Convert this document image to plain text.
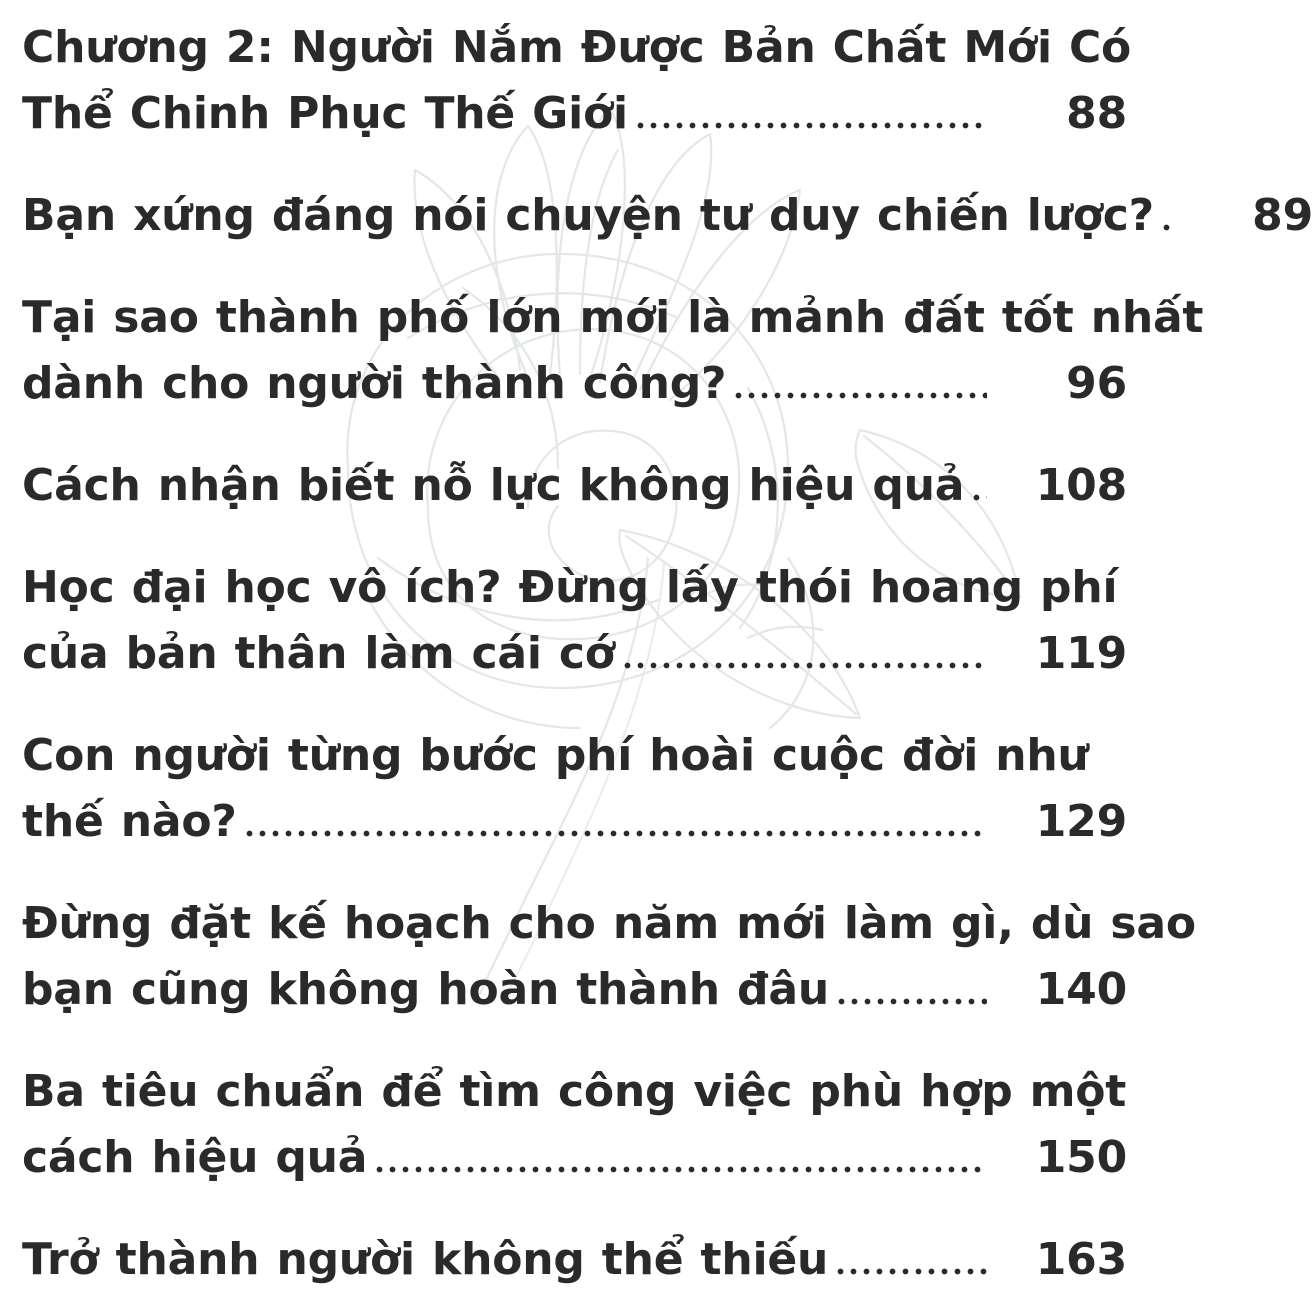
Chương 2: Người Nắm Được Bản Chất Mới Có
Thể Chinh Phục Thế Giới	88
Bạn xứng đáng nói chuyện tư duy chiến lược?	89
Tại sao thành phố lớn mới là mảnh đất tốt nhất
dành cho người thành công?	96
Cách nhận biết nỗ lực không hiệu quả	108
Học đại học vô ích? Đừng lấy thói hoang phí
của bản thân làm cái cớ	119
Con người từng bước phí hoài cuộc đời như
thế nào?	129
Đừng đặt kế hoạch cho năm mới làm gì, dù sao
bạn cũng không hoàn thành đâu	140
Ba tiêu chuẩn để tìm công việc phù hợp một
cách hiệu quả	150
Trở thành người không thể thiếu	163
